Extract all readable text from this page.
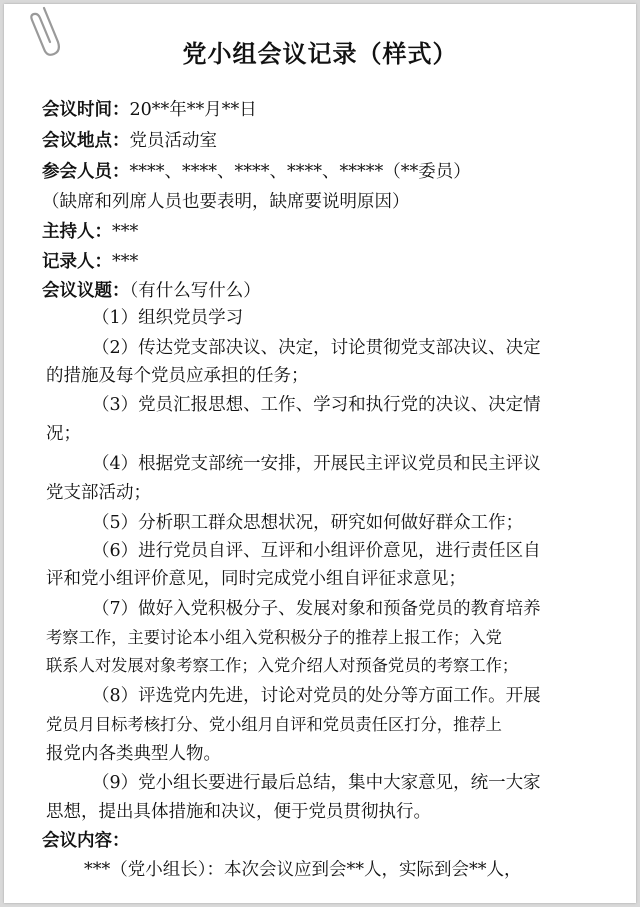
党小组会议记录（样式）
会议时间：20**年**月**日
会议地点：党员活动室
参会人员：****、****、****、****、*****（**委员）
（缺席和列席人员也要表明，缺席要说明原因）
主持人：***
记录人：***
会议议题：（有什么写什么）
（1）组织党员学习
（2）传达党支部决议、决定，讨论贯彻党支部决议、决定
的措施及每个党员应承担的任务；
（3）党员汇报思想、工作、学习和执行党的决议、决定情
况；
（4）根据党支部统一安排，开展民主评议党员和民主评议
党支部活动；
（5）分析职工群众思想状况，研究如何做好群众工作；
（6）进行党员自评、互评和小组评价意见，进行责任区自
评和党小组评价意见，同时完成党小组自评征求意见；
（7）做好入党积极分子、发展对象和预备党员的教育培养
考察工作，主要讨论本小组入党积极分子的推荐上报工作；入党
联系人对发展对象考察工作；入党介绍人对预备党员的考察工作；
（8）评选党内先进，讨论对党员的处分等方面工作。开展
党员月目标考核打分、党小组月自评和党员责任区打分，推荐上
报党内各类典型人物。
（9）党小组长要进行最后总结，集中大家意见，统一大家
思想，提出具体措施和决议，便于党员贯彻执行。
会议内容：
***（党小组长）：本次会议应到会**人，实际到会**人，
